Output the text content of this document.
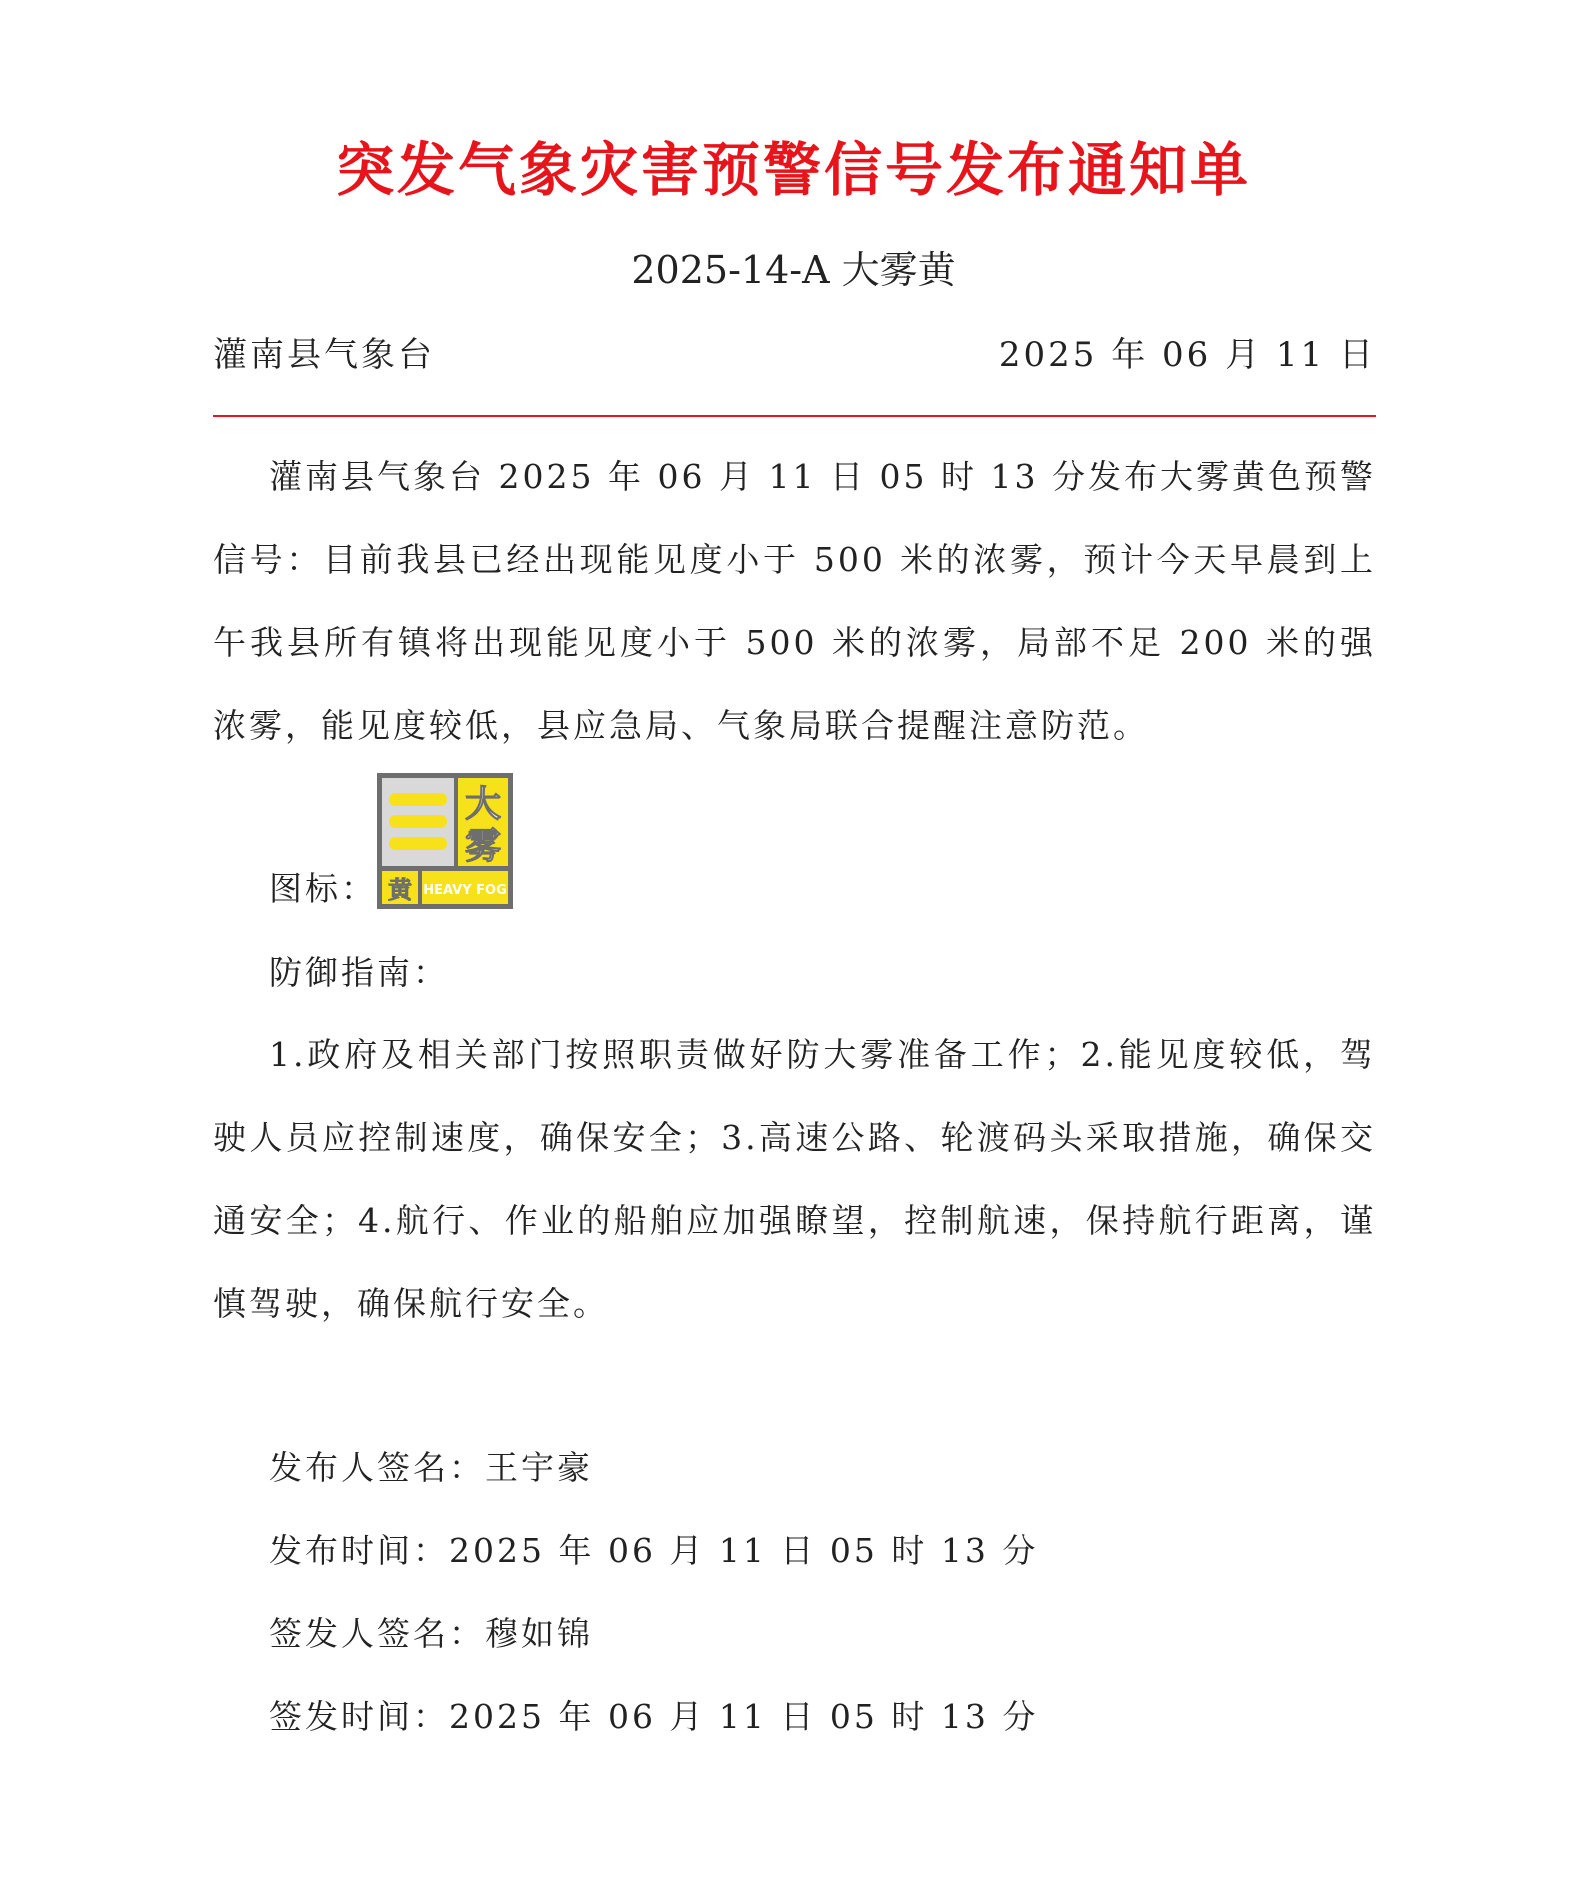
突发气象灾害预警信号发布通知单
2025-14-A 大雾黄
灌南县气象台	2025 年 06 月 11 日

灌南县气象台 2025 年 06 月 11 日 05 时 13 分发布大雾黄色预警信号：目前我县已经出现能见度小于 500 米的浓雾，预计今天早晨到上午我县所有镇将出现能见度小于 500 米的浓雾，局部不足 200 米的强浓雾，能见度较低，县应急局、气象局联合提醒注意防范。

图标：
大
雾
黄 HEAVY FOG
防御指南：

1.政府及相关部门按照职责做好防大雾准备工作；2.能见度较低，驾驶人员应控制速度，确保安全；3.高速公路、轮渡码头采取措施，确保交通安全；4.航行、作业的船舶应加强瞭望，控制航速，保持航行距离，谨慎驾驶，确保航行安全。

发布人签名：王宇豪
发布时间：2025 年 06 月 11 日 05 时 13 分
签发人签名：穆如锦
签发时间：2025 年 06 月 11 日 05 时 13 分
